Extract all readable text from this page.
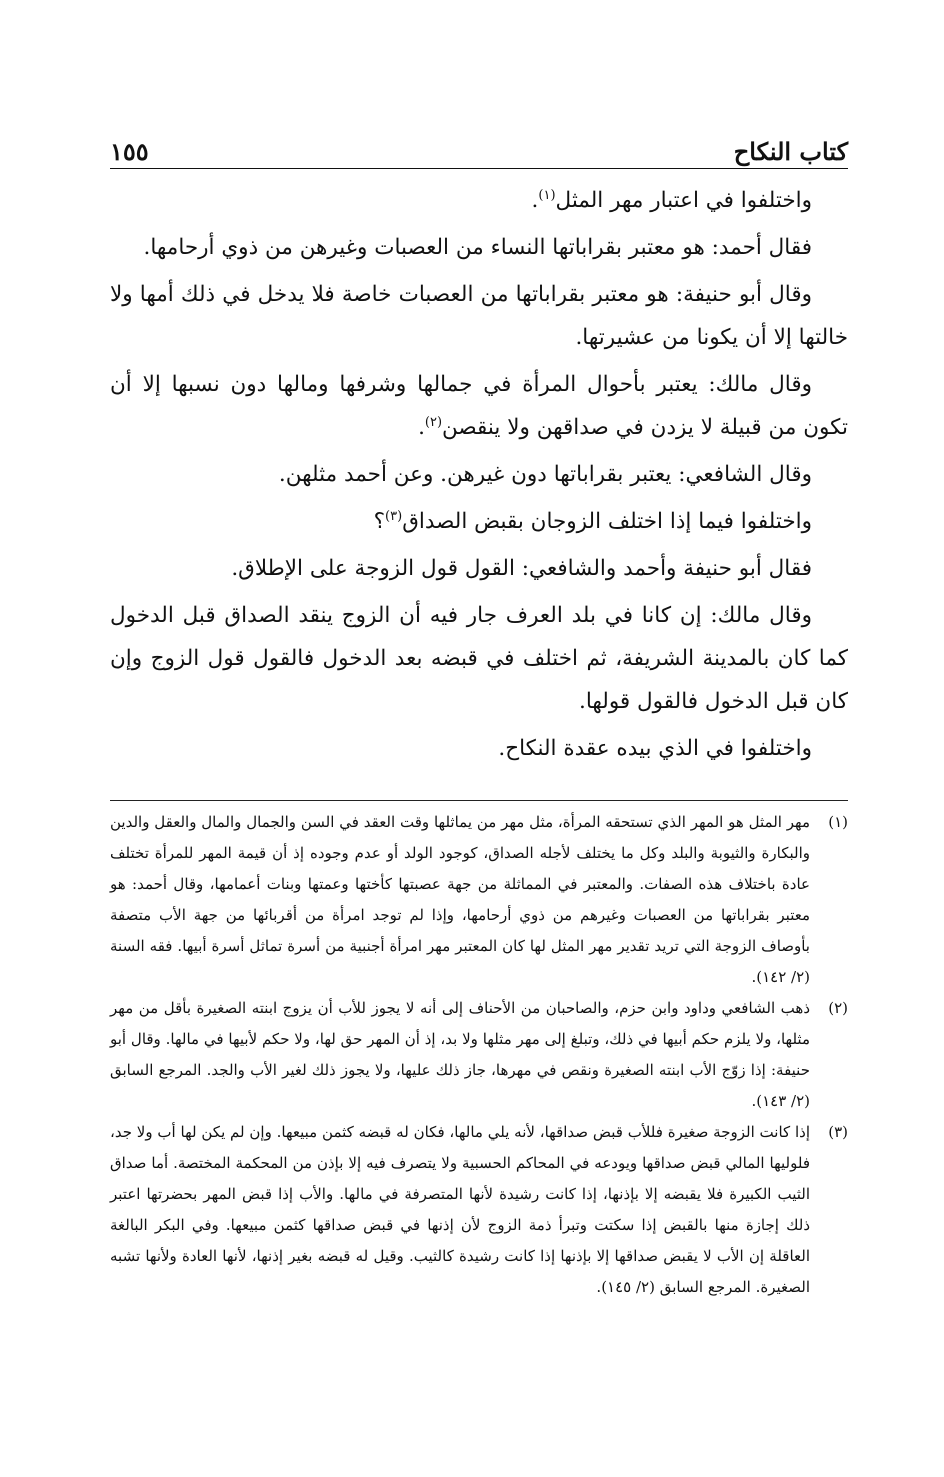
كتاب النكاح
١٥٥

واختلفوا في اعتبار مهر المثل$^{(١)}$.

فقال أحمد: هو معتبر بقراباتها النساء من العصبات وغيرهن من ذوي أرحامها.

وقال أبو حنيفة: هو معتبر بقراباتها من العصبات خاصة فلا يدخل في ذلك أمها ولا خالتها إلا أن يكونا من عشيرتها.

وقال مالك: يعتبر بأحوال المرأة في جمالها وشرفها ومالها دون نسبها إلا أن تكون من قبيلة لا يزدن في صداقهن ولا ينقصن$^{(٢)}$.

وقال الشافعي: يعتبر بقراباتها دون غيرهن. وعن أحمد مثلهن.

واختلفوا فيما إذا اختلف الزوجان بقبض الصداق$^{(٣)}$؟

فقال أبو حنيفة وأحمد والشافعي: القول قول الزوجة على الإطلاق.

وقال مالك: إن كانا في بلد العرف جار فيه أن الزوج ينقد الصداق قبل الدخول كما كان بالمدينة الشريفة، ثم اختلف في قبضه بعد الدخول فالقول قول الزوج وإن كان قبل الدخول فالقول قولها.

واختلفوا في الذي بيده عقدة النكاح.

(١)
مهر المثل هو المهر الذي تستحقه المرأة، مثل مهر من يماثلها وقت العقد في السن والجمال والمال والعقل والدين والبكارة والثيوبة والبلد وكل ما يختلف لأجله الصداق، كوجود الولد أو عدم وجوده إذ أن قيمة المهر للمرأة تختلف عادة باختلاف هذه الصفات. والمعتبر في المماثلة من جهة عصبتها كأختها وعمتها وبنات أعمامها، وقال أحمد: هو معتبر بقراباتها من العصبات وغيرهم من ذوي أرحامها، وإذا لم توجد امرأة من أقربائها من جهة الأب متصفة بأوصاف الزوجة التي تريد تقدير مهر المثل لها كان المعتبر مهر امرأة أجنبية من أسرة تماثل أسرة أبيها. فقه السنة (٢/ ١٤٢).
(٢)
ذهب الشافعي وداود وابن حزم، والصاحبان من الأحناف إلى أنه لا يجوز للأب أن يزوج ابنته الصغيرة بأقل من مهر مثلها، ولا يلزم حكم أبيها في ذلك، وتبلغ إلى مهر مثلها ولا بد، إذ أن المهر حق لها، ولا حكم لأبيها في مالها. وقال أبو حنيفة: إذا زوّج الأب ابنته الصغيرة ونقص في مهرها، جاز ذلك عليها، ولا يجوز ذلك لغير الأب والجد. المرجع السابق (٢/ ١٤٣).
(٣)
إذا كانت الزوجة صغيرة فللأب قبض صداقها، لأنه يلي مالها، فكان له قبضه كثمن مبيعها. وإن لم يكن لها أب ولا جد، فلوليها المالي قبض صداقها ويودعه في المحاكم الحسبية ولا يتصرف فيه إلا بإذن من المحكمة المختصة. أما صداق الثيب الكبيرة فلا يقبضه إلا بإذنها، إذا كانت رشيدة لأنها المتصرفة في مالها. والأب إذا قبض المهر بحضرتها اعتبر ذلك إجازة منها بالقبض إذا سكتت وتبرأ ذمة الزوج لأن إذنها في قبض صداقها كثمن مبيعها. وفي البكر البالغة العاقلة إن الأب لا يقبض صداقها إلا بإذنها إذا كانت رشيدة كالثيب. وقيل له قبضه بغير إذنها، لأنها العادة ولأنها تشبه الصغيرة. المرجع السابق (٢/ ١٤٥).
